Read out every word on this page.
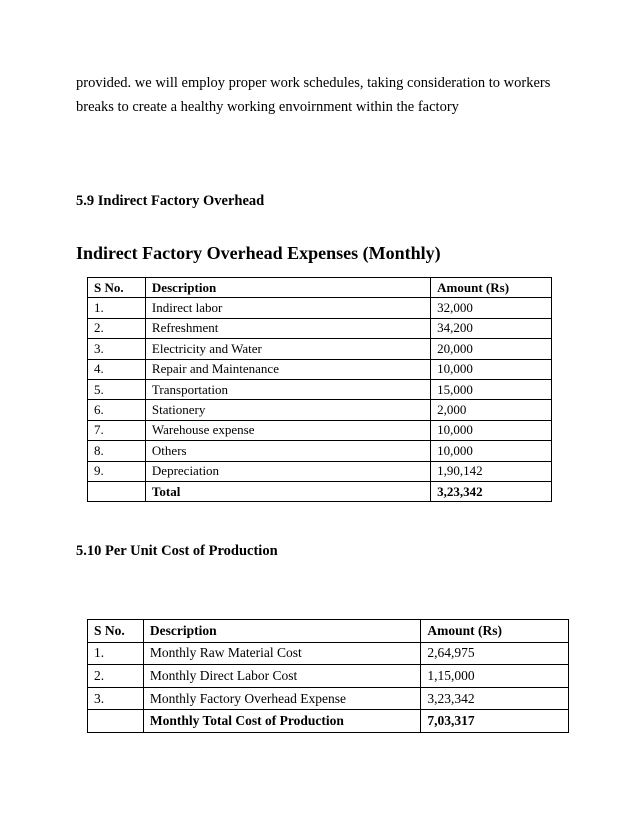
provided. we will employ proper work schedules, taking consideration to workers

breaks to create a healthy working envoirnment within the factory

5.9 Indirect Factory Overhead
Indirect Factory Overhead Expenses (Monthly)
S No.	Description	Amount (Rs)
1.	Indirect labor	32,000
2.	Refreshment	34,200
3.	Electricity and Water	20,000
4.	Repair and Maintenance	10,000
5.	Transportation	15,000
6.	Stationery	2,000
7.	Warehouse expense	10,000
8.	Others	10,000
9.	Depreciation	1,90,142
	Total	3,23,342
5.10 Per Unit Cost of Production
S No.	Description	Amount (Rs)
1.	Monthly Raw Material Cost	2,64,975
2.	Monthly Direct Labor Cost	1,15,000
3.	Monthly Factory Overhead Expense	3,23,342
	Monthly Total Cost of Production	7,03,317
